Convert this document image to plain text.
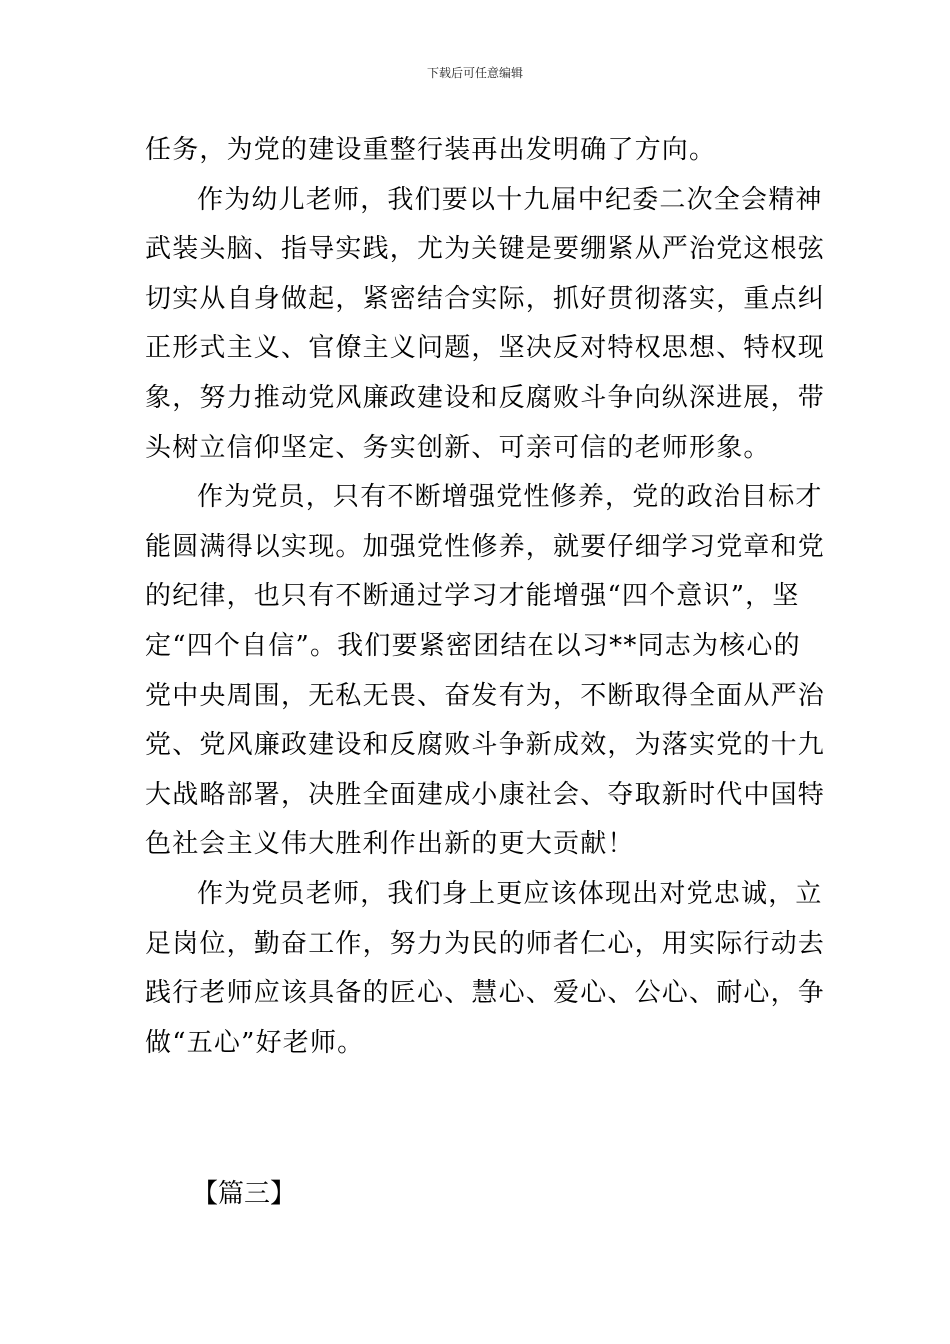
下载后可任意编辑
任务，为党的建设重整行装再出发明确了方向。
作为幼儿老师，我们要以十九届中纪委二次全会精神
武装头脑、指导实践，尤为关键是要绷紧从严治党这根弦
切实从自身做起，紧密结合实际，抓好贯彻落实，重点纠
正形式主义、官僚主义问题，坚决反对特权思想、特权现
象，努力推动党风廉政建设和反腐败斗争向纵深进展，带
头树立信仰坚定、务实创新、可亲可信的老师形象。
作为党员，只有不断增强党性修养，党的政治目标才
能圆满得以实现。加强党性修养，就要仔细学习党章和党
的纪律，也只有不断通过学习才能增强“四个意识”，坚
定“四个自信”。我们要紧密团结在以习**同志为核心的
党中央周围，无私无畏、奋发有为，不断取得全面从严治
党、党风廉政建设和反腐败斗争新成效，为落实党的十九
大战略部署，决胜全面建成小康社会、夺取新时代中国特
色社会主义伟大胜利作出新的更大贡献！
作为党员老师，我们身上更应该体现出对党忠诚，立
足岗位，勤奋工作，努力为民的师者仁心，用实际行动去
践行老师应该具备的匠心、慧心、爱心、公心、耐心，争
做“五心”好老师。
【篇三】
